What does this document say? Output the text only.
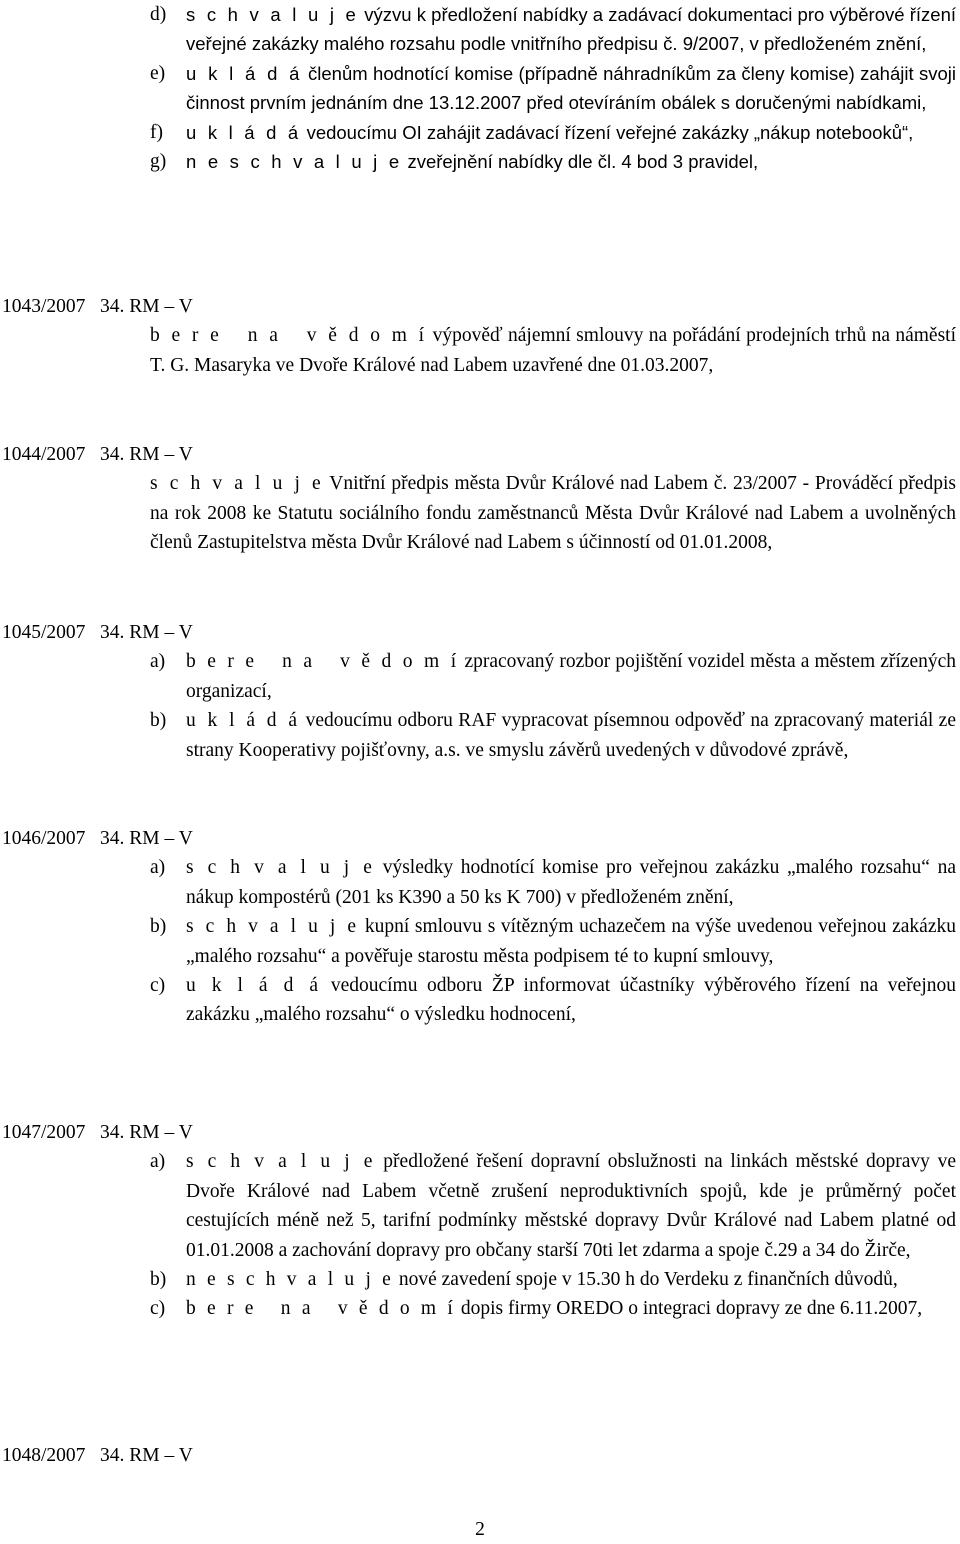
d)	s c h v a l u j e výzvu k předložení nabídky a zadávací dokumentaci pro výběrové řízení veřejné zakázky malého rozsahu podle vnitřního předpisu č. 9/2007, v předloženém znění,
e)	u k l á d á členům hodnotící komise (případně náhradníkům za členy komise) zahájit svoji činnost prvním jednáním dne 13.12.2007 před otevíráním obálek s doručenými nabídkami,
f)	u k l á d á vedoucímu OI zahájit zadávací řízení veřejné zakázky „nákup notebooků“,
g)	n e s c h v a l u j e zveřejnění nabídky dle čl. 4 bod 3 pravidel,
1043/2007 34. RM – V
b e r e   n a   v ě d o m í výpověď nájemní smlouvy na pořádání prodejních trhů na náměstí T. G. Masaryka ve Dvoře Králové nad Labem uzavřené dne 01.03.2007,
1044/2007 34. RM – V
s c h v a l u j e Vnitřní předpis města Dvůr Králové nad Labem č. 23/2007 - Prováděcí předpis na rok 2008 ke Statutu sociálního fondu zaměstnanců Města Dvůr Králové nad Labem a uvolněných členů Zastupitelstva města Dvůr Králové nad Labem s účinností od 01.01.2008,
1045/2007 34. RM – V
a)	b e r e   n a   v ě d o m í zpracovaný rozbor pojištění vozidel města a městem zřízených organizací,
b)	u k l á d á vedoucímu odboru RAF vypracovat písemnou odpověď na zpracovaný materiál ze strany Kooperativy pojišťovny, a.s. ve smyslu závěrů uvedených v důvodové zprávě,
1046/2007 34. RM – V
a)	s c h v a l u j e výsledky hodnotící komise pro veřejnou zakázku „malého rozsahu“ na nákup kompostérů (201 ks K390 a 50 ks K 700) v předloženém znění,
b)	s c h v a l u j e kupní smlouvu s vítězným uchazečem na výše uvedenou veřejnou zakázku „malého rozsahu“ a pověřuje starostu města podpisem té to kupní smlouvy,
c)	u k l á d á vedoucímu odboru ŽP informovat účastníky výběrového řízení na veřejnou zakázku „malého rozsahu“ o výsledku hodnocení,
1047/2007 34. RM – V
a)	s c h v a l u j e předložené řešení dopravní obslužnosti na linkách městské dopravy ve Dvoře Králové nad Labem včetně zrušení neproduktivních spojů, kde je průměrný počet cestujících méně než 5, tarifní podmínky městské dopravy Dvůr Králové nad Labem platné od 01.01.2008 a zachování dopravy pro občany starší 70ti let zdarma a spoje č.29 a 34 do Žirče,
b)	n e s c h v a l u j e nové zavedení spoje v 15.30 h do Verdeku z finančních důvodů,
c)	b e r e   n a   v ě d o m í dopis firmy OREDO o integraci dopravy ze dne 6.11.2007,
1048/2007 34. RM – V
2
